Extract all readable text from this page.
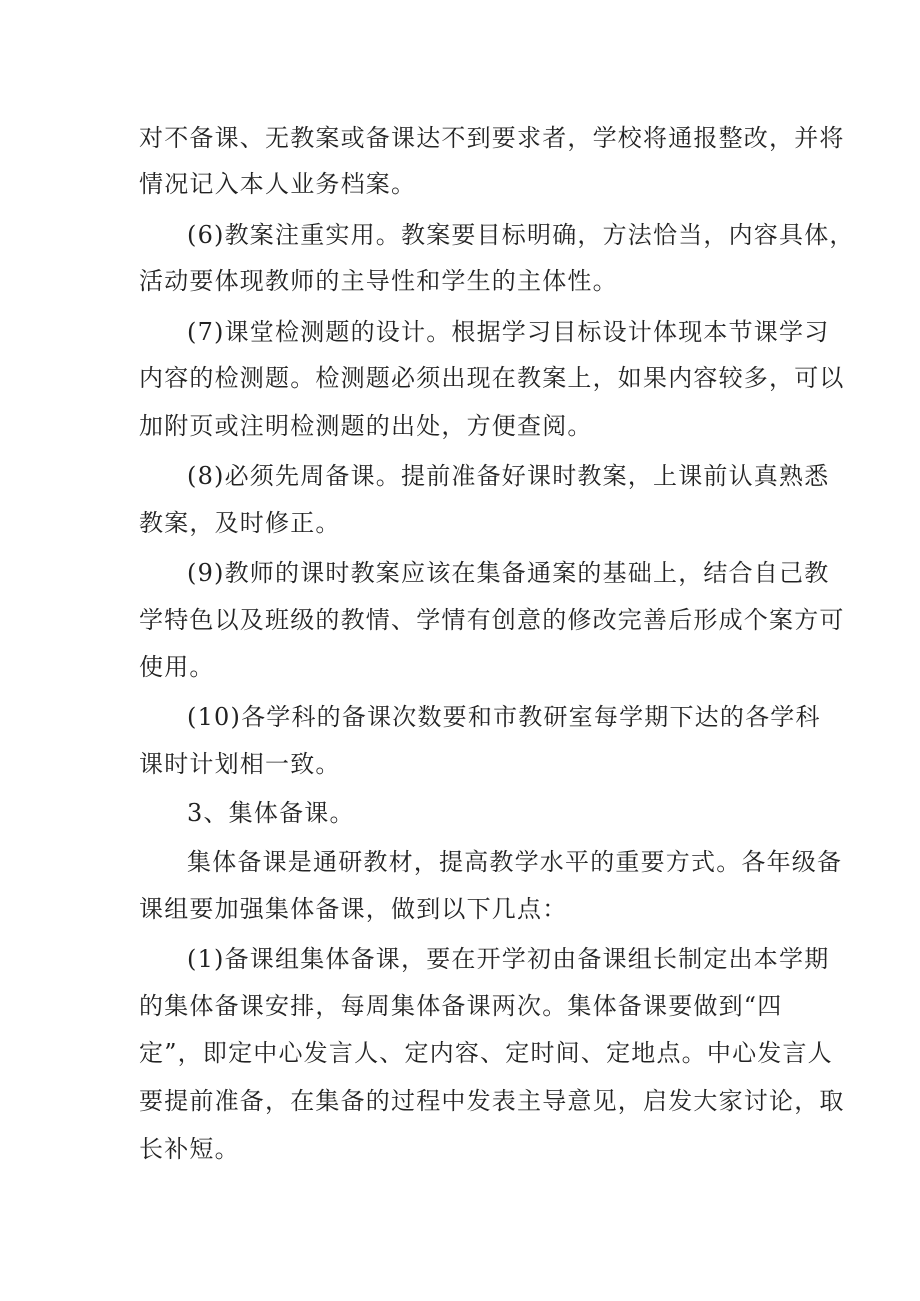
对不备课、无教案或备课达不到要求者，学校将通报整改，并将
情况记入本人业务档案。
(6)教案注重实用。教案要目标明确，方法恰当，内容具体，
活动要体现教师的主导性和学生的主体性。
(7)课堂检测题的设计。根据学习目标设计体现本节课学习
内容的检测题。检测题必须出现在教案上，如果内容较多，可以
加附页或注明检测题的出处，方便查阅。
(8)必须先周备课。提前准备好课时教案，上课前认真熟悉
教案，及时修正。
(9)教师的课时教案应该在集备通案的基础上，结合自己教
学特色以及班级的教情、学情有创意的修改完善后形成个案方可
使用。
(10)各学科的备课次数要和市教研室每学期下达的各学科
课时计划相一致。
3、集体备课。
集体备课是通研教材，提高教学水平的重要方式。各年级备
课组要加强集体备课，做到以下几点：
(1)备课组集体备课，要在开学初由备课组长制定出本学期
的集体备课安排，每周集体备课两次。集体备课要做到“四
定”，即定中心发言人、定内容、定时间、定地点。中心发言人
要提前准备，在集备的过程中发表主导意见，启发大家讨论，取
长补短。
